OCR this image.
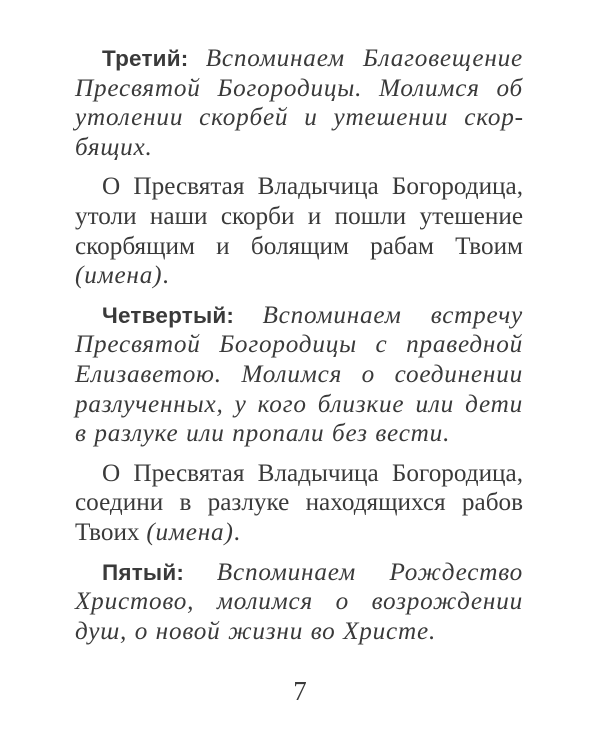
Третий: Вспоминаем Благовещение Пресвятой Богородицы. Молимся об утолении скорбей и утешении скорбящих.

О Пресвятая Владычица Богородица, утоли наши скорби и пошли утешение скорбящим и болящим рабам Твоим (имена).

Четвертый: Вспоминаем встречу Пресвятой Богородицы с праведной Елизаветою. Молимся о соединении разлученных, у кого близкие или дети в разлуке или пропали без вести.

О Пресвятая Владычица Богородица, соедини в разлуке находящихся рабов Твоих (имена).

Пятый: Вспоминаем Рождество Христово, молимся о возрождении душ, о новой жизни во Христе.

7
